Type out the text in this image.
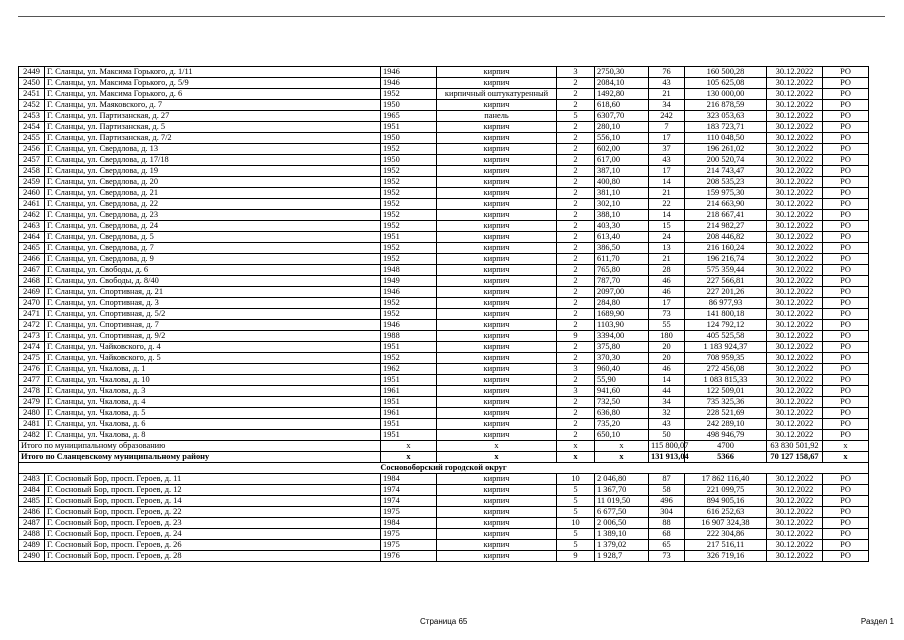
2449	Г. Сланцы, ул. Максима Горького, д. 1/11	1946	кирпич	3	2750,30	76	160 500,28	30.12.2022	РО	
2450	Г. Сланцы, ул. Максима Горького, д. 5/9	1946	кирпич	2	2084,10	43	105 625,08	30.12.2022	РО	
2451	Г. Сланцы, ул. Максима Горького, д. 6	1952	кирпичный оштукатуренный	2	1492,80	21	130 000,00	30.12.2022	РО	
2452	Г. Сланцы, ул. Маяковского, д. 7	1950	кирпич	2	618,60	34	216 878,59	30.12.2022	РО	
2453	Г. Сланцы, ул. Партизанская, д. 27	1965	панель	5	6307,70	242	323 053,63	30.12.2022	РО	
2454	Г. Сланцы, ул. Партизанская, д. 5	1951	кирпич	2	280,10	7	183 723,71	30.12.2022	РО	
2455	Г. Сланцы, ул. Партизанская, д. 7/2	1950	кирпич	2	556,10	17	110 048,50	30.12.2022	РО	
2456	Г. Сланцы, ул. Свердлова, д. 13	1952	кирпич	2	602,00	37	196 261,02	30.12.2022	РО	
2457	Г. Сланцы, ул. Свердлова, д. 17/18	1950	кирпич	2	617,00	43	200 520,74	30.12.2022	РО	
2458	Г. Сланцы, ул. Свердлова, д. 19	1952	кирпич	2	387,10	17	214 743,47	30.12.2022	РО	
2459	Г. Сланцы, ул. Свердлова, д. 20	1952	кирпич	2	400,80	14	208 535,23	30.12.2022	РО	
2460	Г. Сланцы, ул. Свердлова, д. 21	1952	кирпич	2	381,10	21	159 975,30	30.12.2022	РО	
2461	Г. Сланцы, ул. Свердлова, д. 22	1952	кирпич	2	302,10	22	214 663,90	30.12.2022	РО	
2462	Г. Сланцы, ул. Свердлова, д. 23	1952	кирпич	2	388,10	14	218 667,41	30.12.2022	РО	
2463	Г. Сланцы, ул. Свердлова, д. 24	1952	кирпич	2	403,30	15	214 982,27	30.12.2022	РО	
2464	Г. Сланцы, ул. Свердлова, д. 5	1951	кирпич	2	613,40	24	208 446,82	30.12.2022	РО	
2465	Г. Сланцы, ул. Свердлова, д. 7	1952	кирпич	2	386,50	13	216 160,24	30.12.2022	РО	
2466	Г. Сланцы, ул. Свердлова, д. 9	1952	кирпич	2	611,70	21	196 216,74	30.12.2022	РО	
2467	Г. Сланцы, ул. Свободы, д. 6	1948	кирпич	2	765,80	28	575 359,44	30.12.2022	РО	
2468	Г. Сланцы, ул. Свободы, д. 8/40	1949	кирпич	2	787,70	46	227 566,81	30.12.2022	РО	
2469	Г. Сланцы, ул. Спортивная, д. 21	1946	кирпич	2	2097,00	46	227 201,26	30.12.2022	РО	
2470	Г. Сланцы, ул. Спортивная, д. 3	1952	кирпич	2	284,80	17	86 977,93	30.12.2022	РО	
2471	Г. Сланцы, ул. Спортивная, д. 5/2	1952	кирпич	2	1689,90	73	141 800,18	30.12.2022	РО	
2472	Г. Сланцы, ул. Спортивная, д. 7	1946	кирпич	2	1103,90	55	124 792,12	30.12.2022	РО	
2473	Г. Сланцы, ул. Спортивная, д. 9/2	1988	кирпич	9	3394,00	180	405 525,58	30.12.2022	РО	
2474	Г. Сланцы, ул. Чайковского, д. 4	1951	кирпич	2	375,80	20	1 183 924,37	30.12.2022	РО	
2475	Г. Сланцы, ул. Чайковского, д. 5	1952	кирпич	2	370,30	20	708 959,35	30.12.2022	РО	
2476	Г. Сланцы, ул. Чкалова, д. 1	1962	кирпич	3	960,40	46	272 456,08	30.12.2022	РО	
2477	Г. Сланцы, ул. Чкалова, д. 10	1951	кирпич	2	55,90	14	1 083 815,33	30.12.2022	РО	
2478	Г. Сланцы, ул. Чкалова, д. 3	1961	кирпич	3	941,60	44	122 509,01	30.12.2022	РО	
2479	Г. Сланцы, ул. Чкалова, д. 4	1951	кирпич	2	732,50	34	735 325,36	30.12.2022	РО	
2480	Г. Сланцы, ул. Чкалова, д. 5	1961	кирпич	2	636,80	32	228 521,69	30.12.2022	РО	
2481	Г. Сланцы, ул. Чкалова, д. 6	1951	кирпич	2	735,20	43	242 289,10	30.12.2022	РО	
2482	Г. Сланцы, ул. Чкалова, д. 8	1951	кирпич	2	650,10	50	498 946,79	30.12.2022	РО	
Итого по муниципальному образованию		х	х	х	х	115 800,07	4700	63 830 501,92	х	
Итого по Сланцевскому муниципальному району		х	х	х	х	131 913,04	5366	70 127 158,67	х	
Сосновоборский городской округ										
2483	Г. Сосновый Бор, просп. Героев, д. 11	1984	кирпич	10	2 046,80	87	17 862 116,40	30.12.2022	РО	
2484	Г. Сосновый Бор, просп. Героев, д. 12	1974	кирпич	5	1 367,70	58	221 099,75	30.12.2022	РО	
2485	Г. Сосновый Бор, просп. Героев, д. 14	1974	кирпич	5	11 019,50	496	894 905,16	30.12.2022	РО	
2486	Г. Сосновый Бор, просп. Героев, д. 22	1975	кирпич	5	6 677,50	304	616 252,63	30.12.2022	РО	
2487	Г. Сосновый Бор, просп. Героев, д. 23	1984	кирпич	10	2 006,50	88	16 907 324,38	30.12.2022	РО	
2488	Г. Сосновый Бор, просп. Героев, д. 24	1975	кирпич	5	1 389,10	68	222 304,86	30.12.2022	РО	
2489	Г. Сосновый Бор, просп. Героев, д. 26	1975	кирпич	5	1 379,02	65	217 516,11	30.12.2022	РО	
2490	Г. Сосновый Бор, просп. Героев, д. 28	1976	кирпич	9	1 928,7	73	326 719,16	30.12.2022	РО	
Страница 65	Раздел 1
